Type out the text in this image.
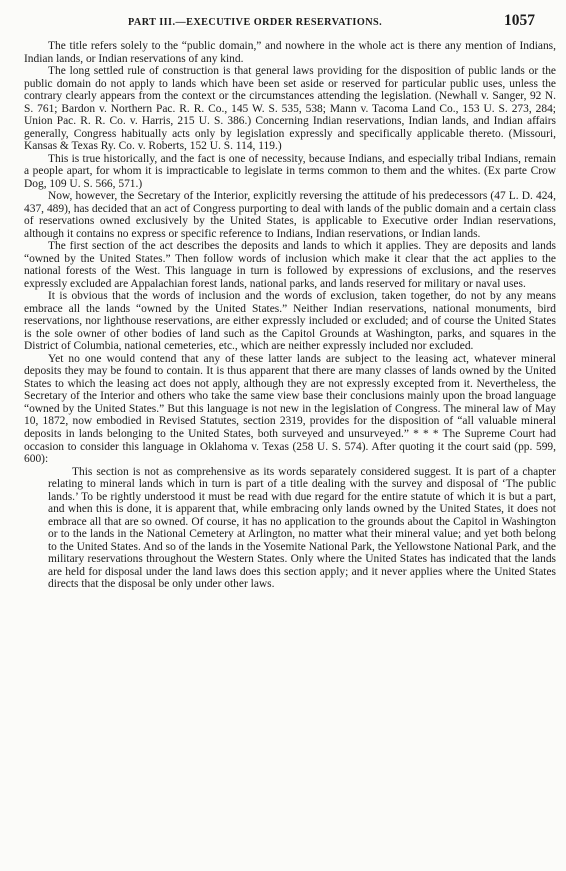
PART III.—EXECUTIVE ORDER RESERVATIONS.	1057

The title refers solely to the “public domain,” and nowhere in the whole act is there any mention of Indians, Indian lands, or Indian reservations of any kind.

The long settled rule of construction is that general laws providing for the disposition of public lands or the public domain do not apply to lands which have been set aside or reserved for particular public uses, unless the contrary clearly appears from the context or the circumstances attending the legislation. (Newhall v. Sanger, 92 N. S. 761; Bardon v. Northern Pac. R. R. Co., 145 W. S. 535, 538; Mann v. Tacoma Land Co., 153 U. S. 273, 284; Union Pac. R. R. Co. v. Harris, 215 U. S. 386.) Concerning Indian reservations, Indian lands, and Indian affairs generally, Congress habitually acts only by legislation expressly and specifically applicable thereto. (Missouri, Kansas & Texas Ry. Co. v. Roberts, 152 U. S. 114, 119.)

This is true historically, and the fact is one of necessity, because Indians, and especially tribal Indians, remain a people apart, for whom it is impracticable to legislate in terms common to them and the whites. (Ex parte Crow Dog, 109 U. S. 566, 571.)

Now, however, the Secretary of the Interior, explicitly reversing the attitude of his predecessors (47 L. D. 424, 437, 489), has decided that an act of Congress purporting to deal with lands of the public domain and a certain class of reservations owned exclusively by the United States, is applicable to Executive order Indian reservations, although it contains no express or specific reference to Indians, Indian reservations, or Indian lands.

The first section of the act describes the deposits and lands to which it applies. They are deposits and lands “owned by the United States.” Then follow words of inclusion which make it clear that the act applies to the national forests of the West. This language in turn is followed by expressions of exclusions, and the reserves expressly excluded are Appalachian forest lands, national parks, and lands reserved for military or naval uses.

It is obvious that the words of inclusion and the words of exclusion, taken together, do not by any means embrace all the lands “owned by the United States.” Neither Indian reservations, national monuments, bird reservations, nor lighthouse reservations, are either expressly included or excluded; and of course the United States is the sole owner of other bodies of land such as the Capitol Grounds at Washington, parks, and squares in the District of Columbia, national cemeteries, etc., which are neither expressly included nor excluded.

Yet no one would contend that any of these latter lands are subject to the leasing act, whatever mineral deposits they may be found to contain. It is thus apparent that there are many classes of lands owned by the United States to which the leasing act does not apply, although they are not expressly excepted from it. Nevertheless, the Secretary of the Interior and others who take the same view base their conclusions mainly upon the broad language “owned by the United States.” But this language is not new in the legislation of Congress. The mineral law of May 10, 1872, now embodied in Revised Statutes, section 2319, provides for the disposition of “all valuable mineral deposits in lands belonging to the United States, both surveyed and unsurveyed.” * * * The Supreme Court had occasion to consider this language in Oklahoma v. Texas (258 U. S. 574). After quoting it the court said (pp. 599, 600):

This section is not as comprehensive as its words separately considered suggest. It is part of a chapter relating to mineral lands which in turn is part of a title dealing with the survey and disposal of ‘The public lands.’ To be rightly understood it must be read with due regard for the entire statute of which it is but a part, and when this is done, it is apparent that, while embracing only lands owned by the United States, it does not embrace all that are so owned. Of course, it has no application to the grounds about the Capitol in Washington or to the lands in the National Cemetery at Arlington, no matter what their mineral value; and yet both belong to the United States. And so of the lands in the Yosemite National Park, the Yellowstone National Park, and the military reservations throughout the Western States. Only where the United States has indicated that the lands are held for disposal under the land laws does this section apply; and it never applies where the United States directs that the disposal be only under other laws.
